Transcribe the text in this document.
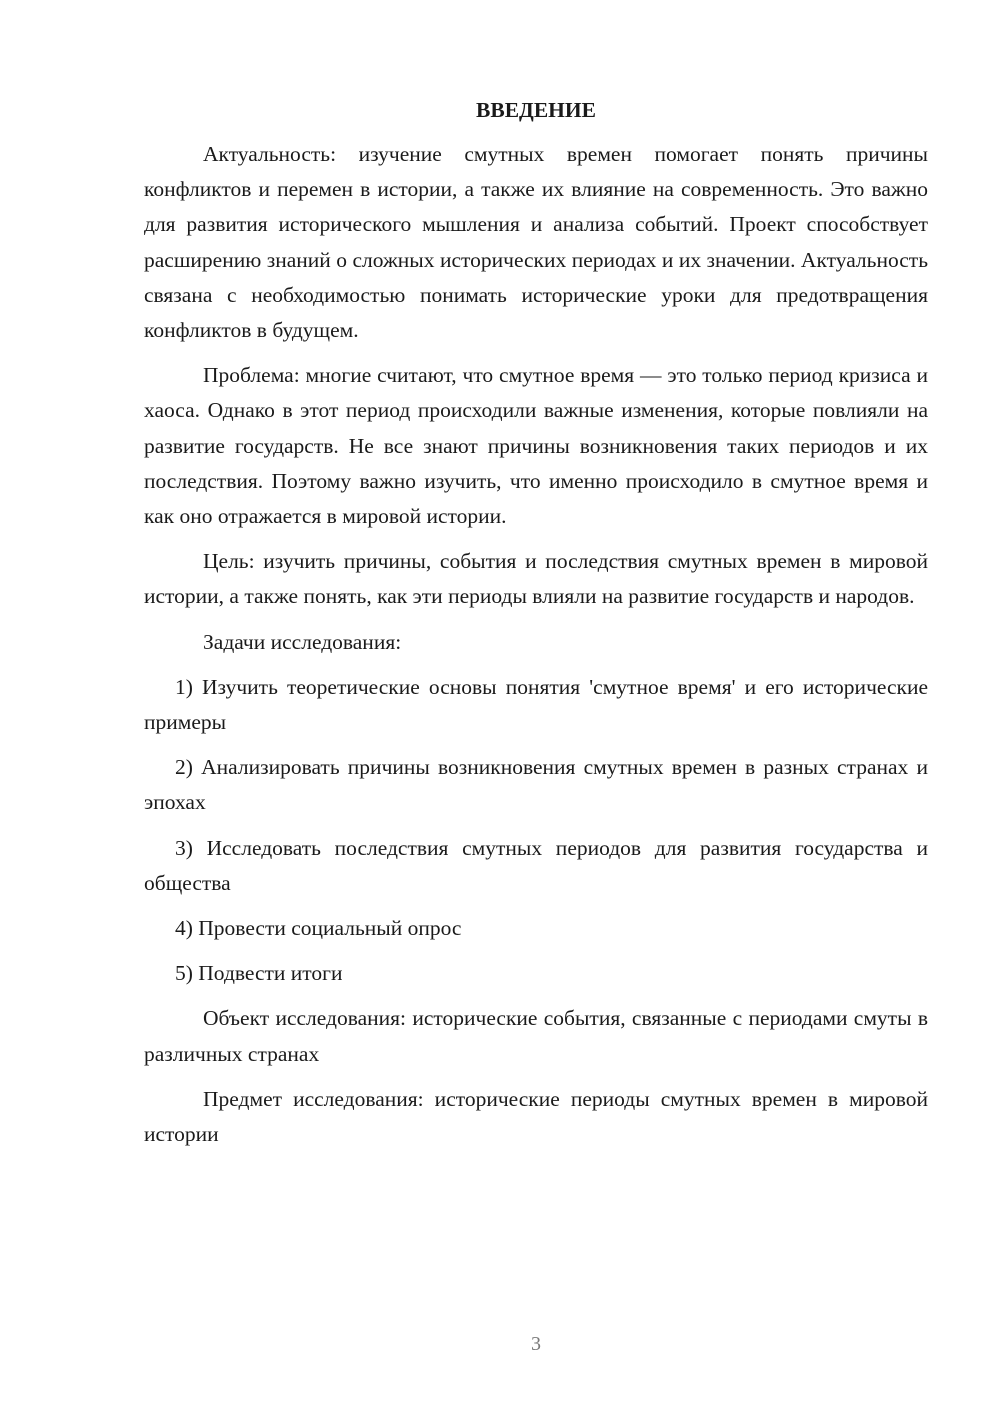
ВВЕДЕНИЕ

Актуальность: изучение смутных времен помогает понять причины конфликтов и перемен в истории, а также их влияние на современность. Это важно для развития исторического мышления и анализа событий. Проект способствует расширению знаний о сложных исторических периодах и их значении. Актуальность связана с необходимостью понимать исторические уроки для предотвращения конфликтов в будущем.

Проблема: многие считают, что смутное время — это только период кризиса и хаоса. Однако в этот период происходили важные изменения, которые повлияли на развитие государств. Не все знают причины возникновения таких периодов и их последствия. Поэтому важно изучить, что именно происходило в смутное время и как оно отражается в мировой истории.

Цель: изучить причины, события и последствия смутных времен в мировой истории, а также понять, как эти периоды влияли на развитие государств и народов.

Задачи исследования:

1) Изучить теоретические основы понятия 'смутное время' и его исторические примеры

2) Анализировать причины возникновения смутных времен в разных странах и эпохах

3) Исследовать последствия смутных периодов для развития государства и общества

4) Провести социальный опрос

5) Подвести итоги

Объект исследования: исторические события, связанные с периодами смуты в различных странах

Предмет исследования: исторические периоды смутных времен в мировой истории

3
